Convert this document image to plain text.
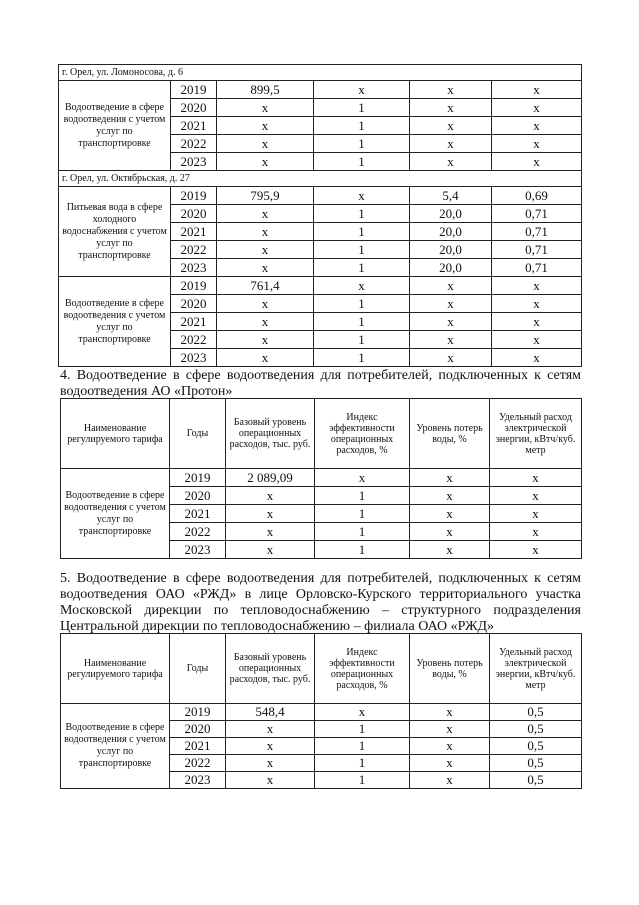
г. Орел, ул. Ломоносова, д. 6					
Водоотведение в сфере водоотведения с учетом услуг по транспортировке	2019	899,5	х	х	х
	2020	х	1	х	х
	2021	х	1	х	х
	2022	х	1	х	х
	2023	х	1	х	х
г. Орел, ул. Октябрьская, д. 27					
Питьевая вода в сфере холодного водоснабжения с учетом услуг по транспортировке	2019	795,9	х	5,4	0,69
	2020	х	1	20,0	0,71
	2021	х	1	20,0	0,71
	2022	х	1	20,0	0,71
	2023	х	1	20,0	0,71
Водоотведение в сфере водоотведения с учетом услуг по транспортировке	2019	761,4	х	х	х
	2020	х	1	х	х
	2021	х	1	х	х
	2022	х	1	х	х
	2023	х	1	х	х

4. Водоотведение в сфере водоотведения для потребителей, подключенных к сетям водоотведения АО «Протон»

Наименование регулируемого тарифа	Годы	Базовый уровень операционных расходов, тыс. руб.	Индекс эффективности операционных расходов, %	Уровень потерь воды, %	Удельный расход электрической энергии, кВтч/куб. метр
Водоотведение в сфере водоотведения с учетом услуг по транспортировке	2019	2 089,09	х	х	х
	2020	х	1	х	х
	2021	х	1	х	х
	2022	х	1	х	х
	2023	х	1	х	х

5. Водоотведение в сфере водоотведения для потребителей, подключенных к сетям водоотведения ОАО «РЖД» в лице Орловско-Курского территориального участка Московской дирекции по тепловодоснабжению – структурного подразделения Центральной дирекции по тепловодоснабжению – филиала ОАО «РЖД»

Наименование регулируемого тарифа	Годы	Базовый уровень операционных расходов, тыс. руб.	Индекс эффективности операционных расходов, %	Уровень потерь воды, %	Удельный расход электрической энергии, кВтч/куб. метр
Водоотведение в сфере водоотведения с учетом услуг по транспортировке	2019	548,4	х	х	0,5
	2020	х	1	х	0,5
	2021	х	1	х	0,5
	2022	х	1	х	0,5
	2023	х	1	х	0,5
